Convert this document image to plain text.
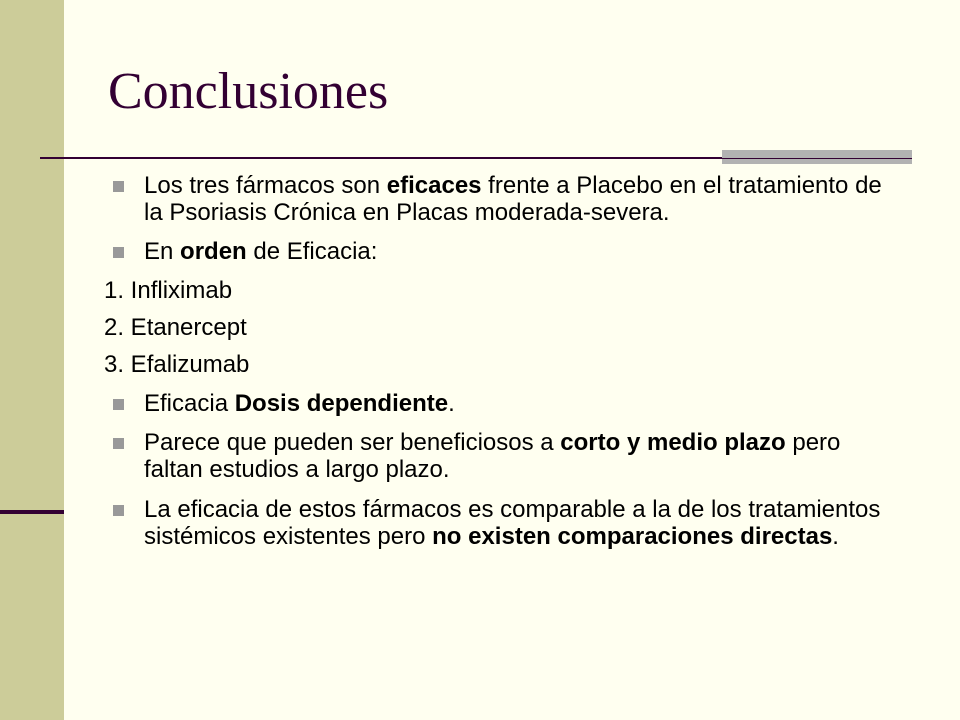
Conclusiones

Los tres fármacos son eficaces frente a Placebo en el tratamiento de la Psoriasis Crónica en Placas moderada-severa.

En orden de Eficacia:

1. Infliximab

2. Etanercept

3. Efalizumab

Eficacia Dosis dependiente.

Parece que pueden ser beneficiosos a corto y medio plazo pero faltan estudios a largo plazo.

La eficacia de estos fármacos es comparable a la de los tratamientos sistémicos existentes pero no existen comparaciones directas.
